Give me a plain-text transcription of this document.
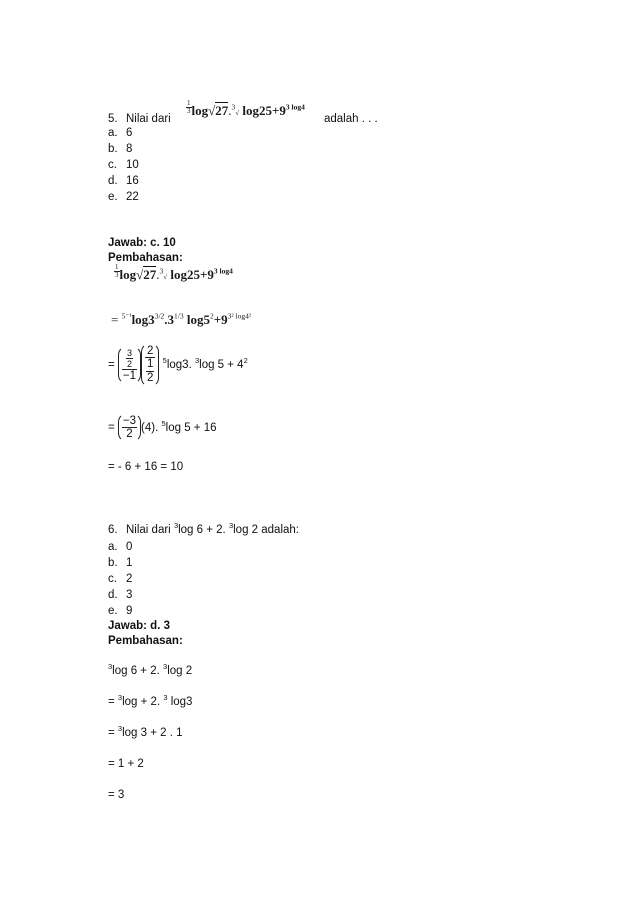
5. Nilai dari
$\frac{1}{3} \log√27.^3√$ $\log 25+9^{3 log4}$
adalah . . .
a. 6
b. 8
c. 10
d. 16
e. 22
Jawab: c. 10
Pembahasan:
$\frac{1}{3} \log√27.^3√$ $\log 25+9^{3 log4}$
= $^{5^{-1}}\log 3^{3/2}.3^{1/3}$ $\log 5^2+9^{3^2 log4^2}$
= $\frac{\frac{3}{2}}{-1} \frac{2}{\frac{1}{2}} ^5\log 3$. $^3$log $5 + 4^2$
= $\frac{-3}{2} (4)$. $^5$log 5 + 16
= - 6 + 16 = 10
6. Nilai dari $^3$log 6 + 2. $^3$log 2 adalah:
a. 0
b. 1
c. 2
d. 3
e. 9
Jawab: d. 3
Pembahasan:
$^3$log 6 + 2. $^3$log 2
= $^3$log + 2. $^3$ log3
= $^3$log 3 + 2 . 1
= 1 + 2
= 3
